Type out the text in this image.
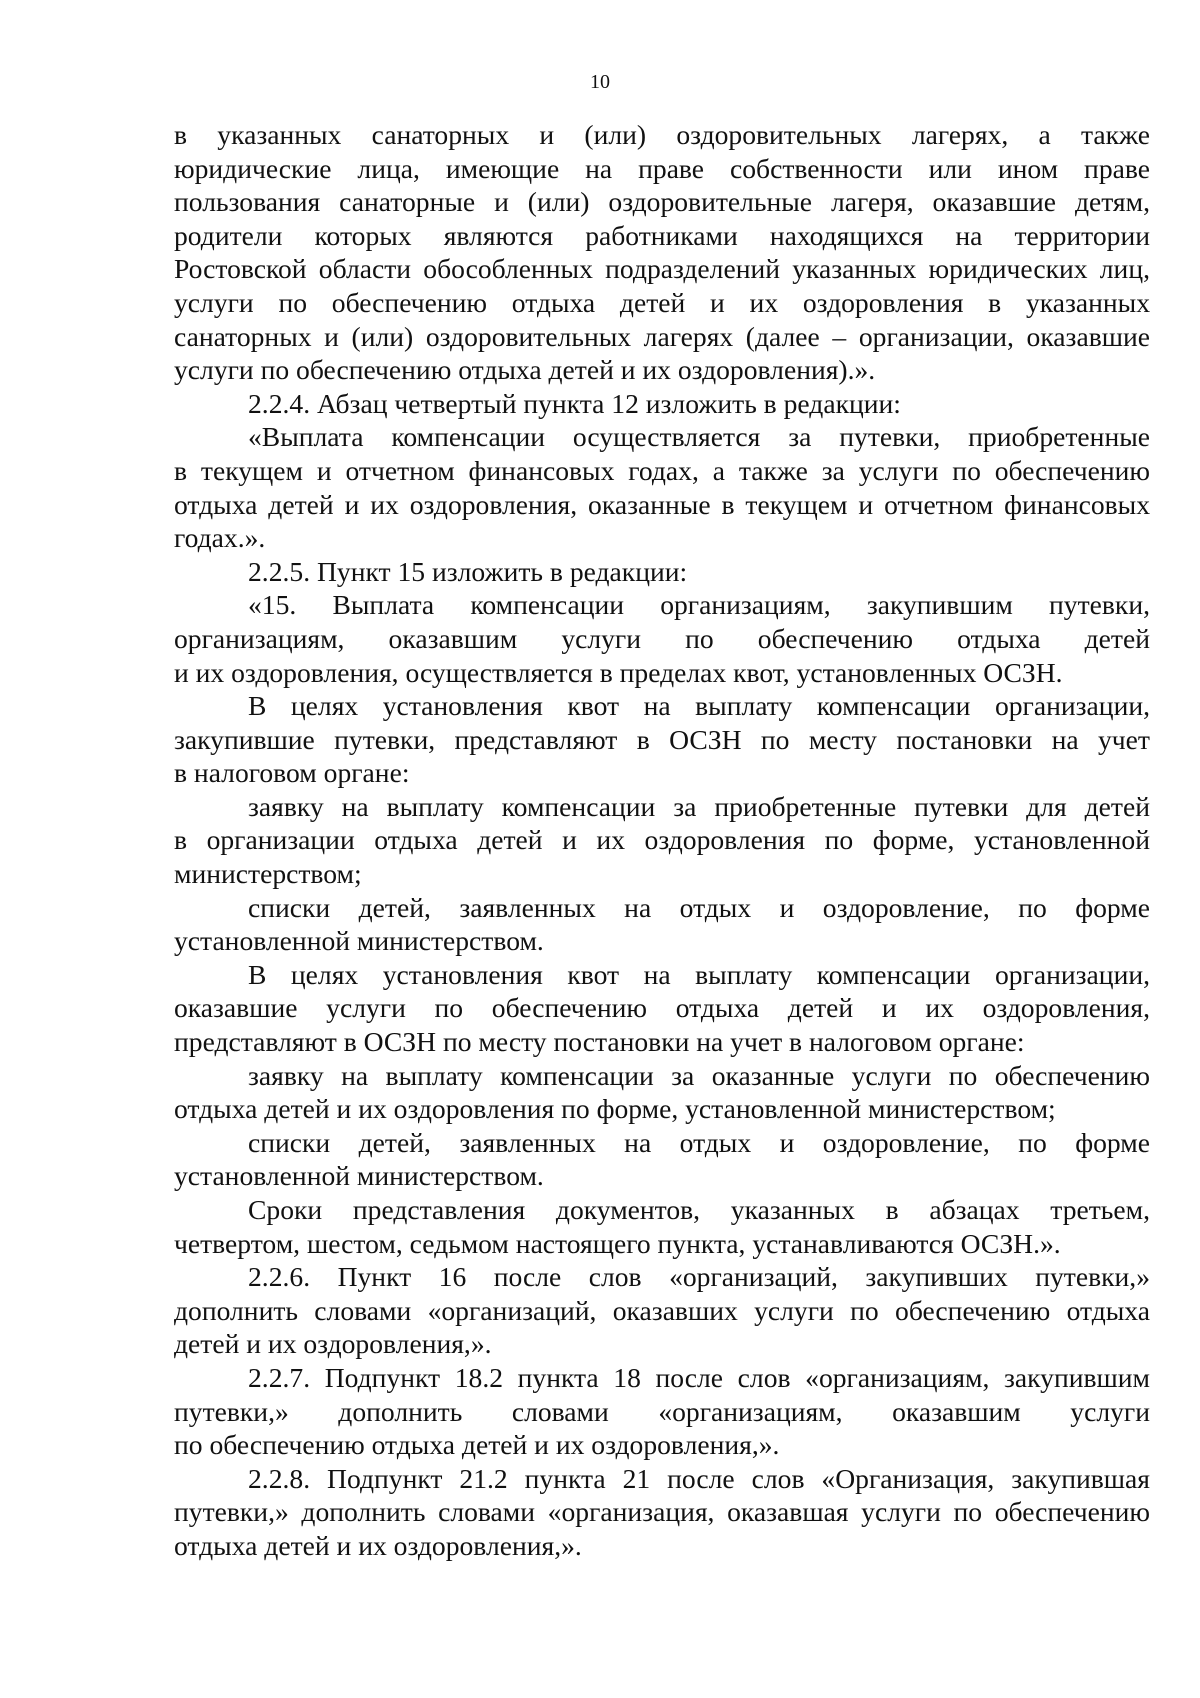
10
в указанных санаторных и (или) оздоровительных лагерях, а также
юридические лица, имеющие на праве собственности или ином праве
пользования санаторные и (или) оздоровительные лагеря, оказавшие детям,
родители которых являются работниками находящихся на территории
Ростовской области обособленных подразделений указанных юридических лиц,
услуги по обеспечению отдыха детей и их оздоровления в указанных
санаторных и (или) оздоровительных лагерях (далее – организации, оказавшие
услуги по обеспечению отдыха детей и их оздоровления).».
2.2.4. Абзац четвертый пункта 12 изложить в редакции:
«Выплата компенсации осуществляется за путевки, приобретенные
в текущем и отчетном финансовых годах, а также за услуги по обеспечению
отдыха детей и их оздоровления, оказанные в текущем и отчетном финансовых
годах.».
2.2.5. Пункт 15 изложить в редакции:
«15. Выплата компенсации организациям, закупившим путевки,
организациям, оказавшим услуги по обеспечению отдыха детей
и их оздоровления, осуществляется в пределах квот, установленных ОСЗН.
В целях установления квот на выплату компенсации организации,
закупившие путевки, представляют в ОСЗН по месту постановки на учет
в налоговом органе:
заявку на выплату компенсации за приобретенные путевки для детей
в организации отдыха детей и их оздоровления по форме, установленной
министерством;
списки детей, заявленных на отдых и оздоровление, по форме
установленной министерством.
В целях установления квот на выплату компенсации организации,
оказавшие услуги по обеспечению отдыха детей и их оздоровления,
представляют в ОСЗН по месту постановки на учет в налоговом органе:
заявку на выплату компенсации за оказанные услуги по обеспечению
отдыха детей и их оздоровления по форме, установленной министерством;
списки детей, заявленных на отдых и оздоровление, по форме
установленной министерством.
Сроки представления документов, указанных в абзацах третьем,
четвертом, шестом, седьмом настоящего пункта, устанавливаются ОСЗН.».
2.2.6. Пункт 16 после слов «организаций, закупивших путевки,»
дополнить словами «организаций, оказавших услуги по обеспечению отдыха
детей и их оздоровления,».
2.2.7. Подпункт 18.2 пункта 18 после слов «организациям, закупившим
путевки,» дополнить словами «организациям, оказавшим услуги
по обеспечению отдыха детей и их оздоровления,».
2.2.8. Подпункт 21.2 пункта 21 после слов «Организация, закупившая
путевки,» дополнить словами «организация, оказавшая услуги по обеспечению
отдыха детей и их оздоровления,».
